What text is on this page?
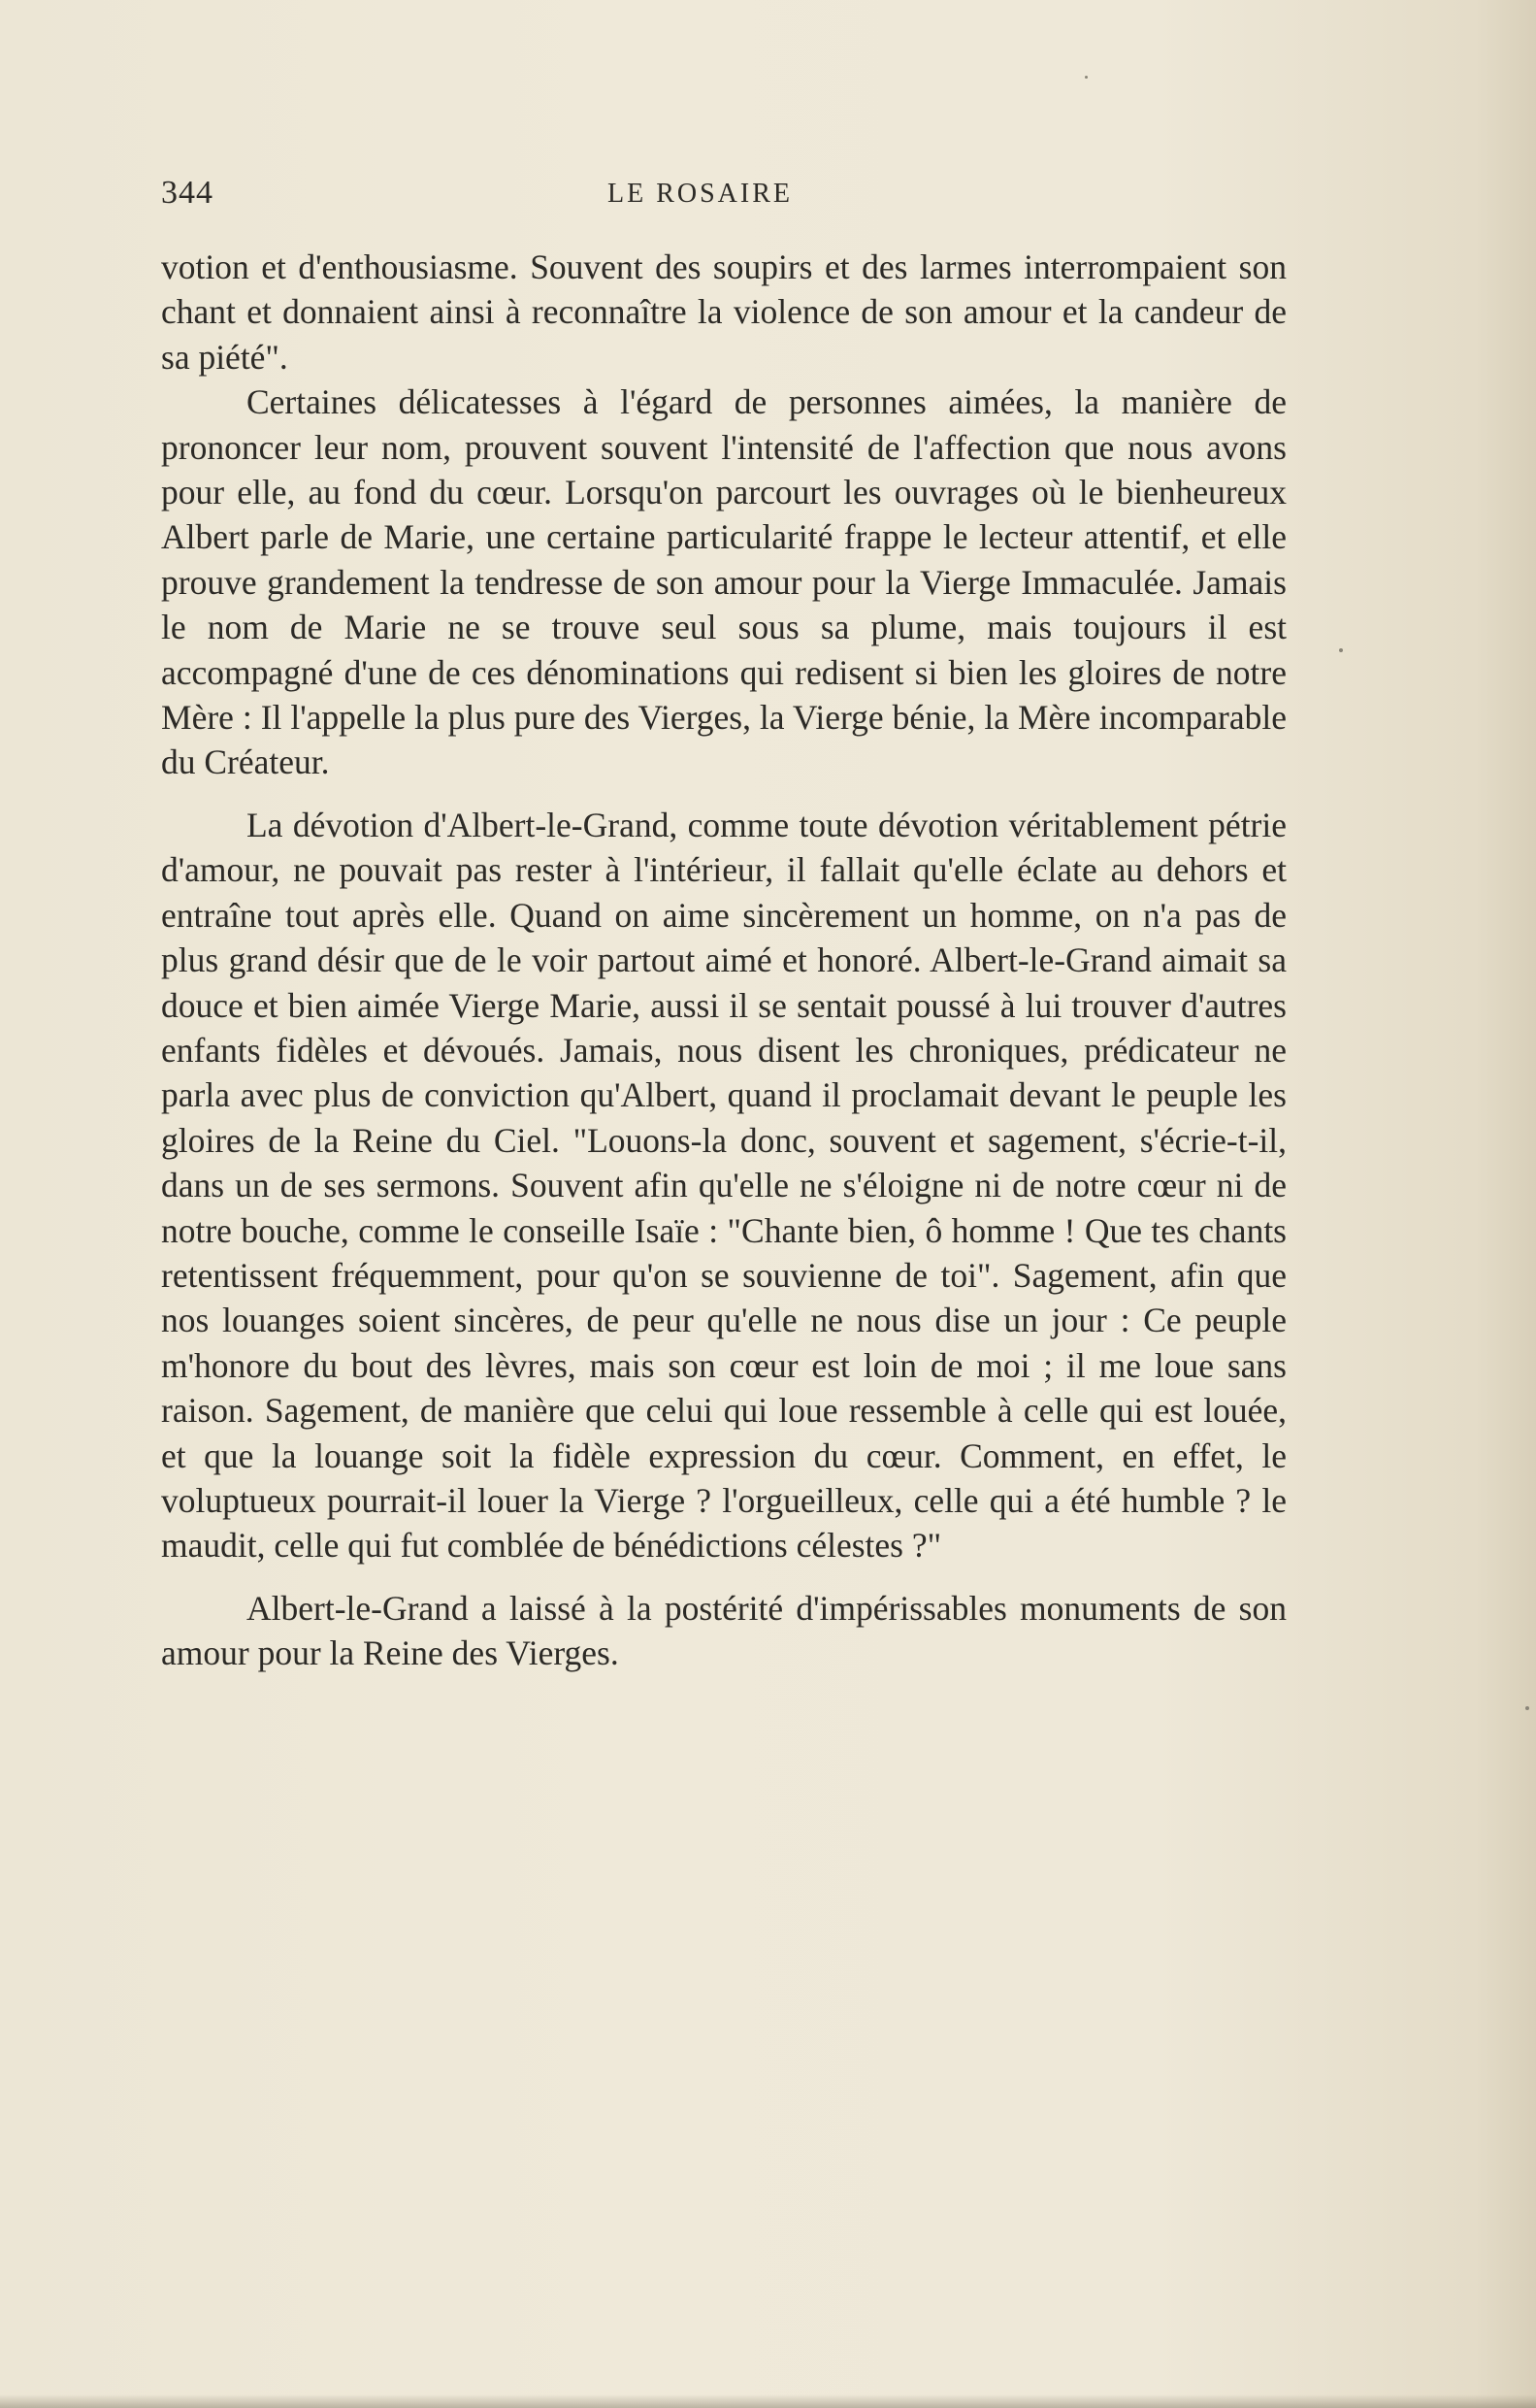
344	LE ROSAIRE

votion et d'enthousiasme. Souvent des soupirs et des larmes interrompaient son chant et donnaient ainsi à reconnaître la violence de son amour et la candeur de sa piété".

Certaines délicatesses à l'égard de personnes aimées, la manière de prononcer leur nom, prouvent souvent l'intensité de l'affection que nous avons pour elle, au fond du cœur. Lorsqu'on parcourt les ouvrages où le bienheureux Albert parle de Marie, une certaine particularité frappe le lecteur attentif, et elle prouve grandement la tendresse de son amour pour la Vierge Immaculée. Jamais le nom de Marie ne se trouve seul sous sa plume, mais toujours il est accompagné d'une de ces dénominations qui redisent si bien les gloires de notre Mère : Il l'appelle la plus pure des Vierges, la Vierge bénie, la Mère incomparable du Créateur.

La dévotion d'Albert-le-Grand, comme toute dévotion véritablement pétrie d'amour, ne pouvait pas rester à l'intérieur, il fallait qu'elle éclate au dehors et entraîne tout après elle. Quand on aime sincèrement un homme, on n'a pas de plus grand désir que de le voir partout aimé et honoré. Albert-le-Grand aimait sa douce et bien aimée Vierge Marie, aussi il se sentait poussé à lui trouver d'autres enfants fidèles et dévoués. Jamais, nous disent les chroniques, prédicateur ne parla avec plus de conviction qu'Albert, quand il proclamait devant le peuple les gloires de la Reine du Ciel. "Louons-la donc, souvent et sagement, s'écrie-t-il, dans un de ses sermons. Souvent afin qu'elle ne s'éloigne ni de notre cœur ni de notre bouche, comme le conseille Isaïe : "Chante bien, ô homme ! Que tes chants retentissent fréquemment, pour qu'on se souvienne de toi". Sagement, afin que nos louanges soient sincères, de peur qu'elle ne nous dise un jour : Ce peuple m'honore du bout des lèvres, mais son cœur est loin de moi ; il me loue sans raison. Sagement, de manière que celui qui loue ressemble à celle qui est louée, et que la louange soit la fidèle expression du cœur. Comment, en effet, le voluptueux pourrait-il louer la Vierge ? l'orgueilleux, celle qui a été humble ? le maudit, celle qui fut comblée de bénédictions célestes ?"

Albert-le-Grand a laissé à la postérité d'impérissables monuments de son amour pour la Reine des Vierges.
